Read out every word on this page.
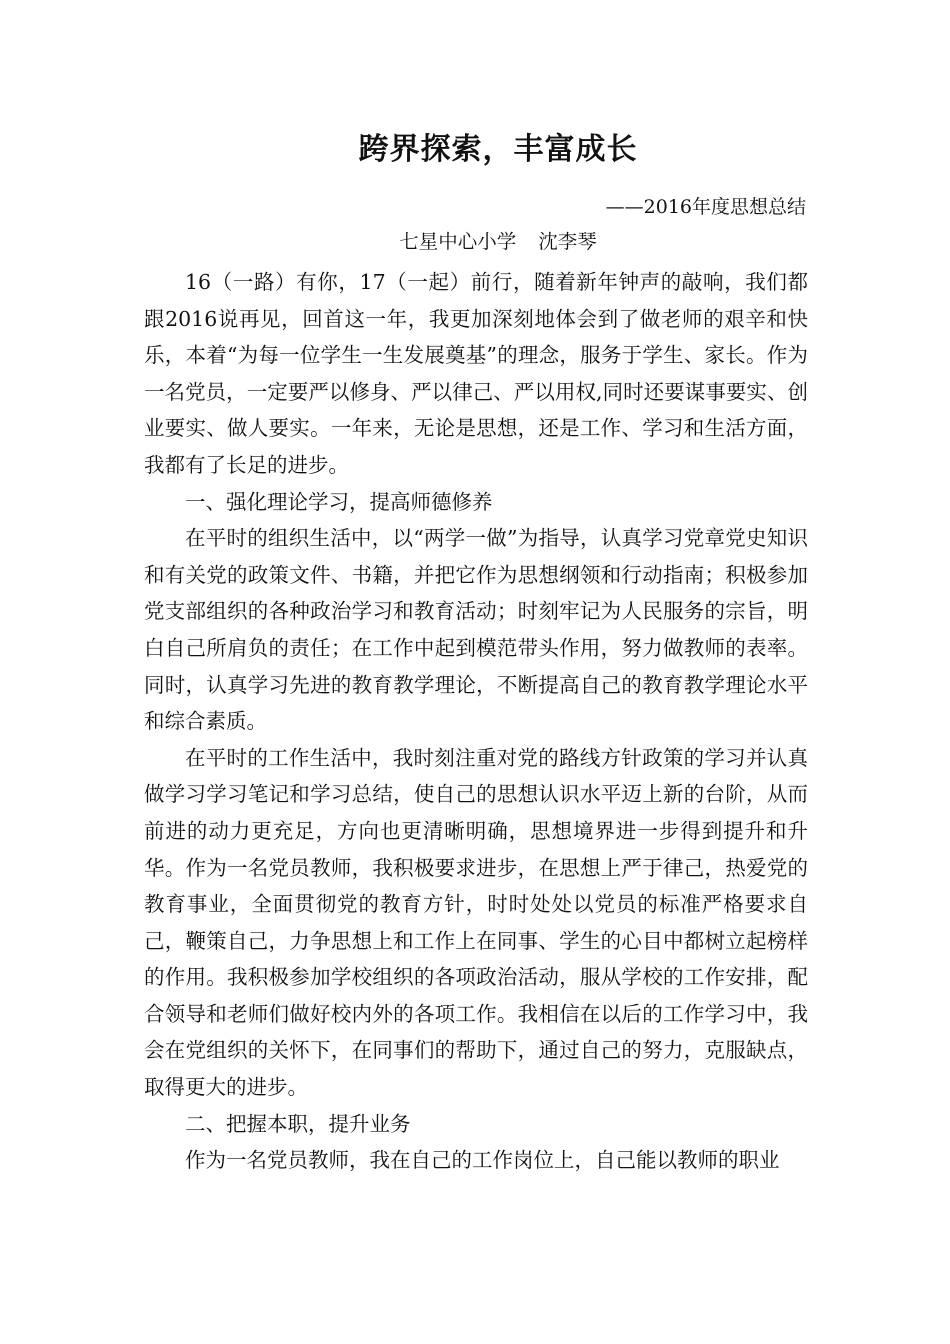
跨界探索，丰富成长

——2016年度思想总结

七星中心小学 沈李琴

16（一路）有你，17（一起）前行，随着新年钟声的敲响，我们都跟2016说再见，回首这一年，我更加深刻地体会到了做老师的艰辛和快乐，本着“为每一位学生一生发展奠基”的理念，服务于学生、家长。作为一名党员，一定要严以修身、严以律己、严以用权,同时还要谋事要实、创业要实、做人要实。一年来，无论是思想，还是工作、学习和生活方面，我都有了长足的进步。

一、强化理论学习，提高师德修养

在平时的组织生活中，以“两学一做”为指导，认真学习党章党史知识和有关党的政策文件、书籍，并把它作为思想纲领和行动指南；积极参加党支部组织的各种政治学习和教育活动；时刻牢记为人民服务的宗旨，明白自己所肩负的责任；在工作中起到模范带头作用，努力做教师的表率。同时，认真学习先进的教育教学理论，不断提高自己的教育教学理论水平和综合素质。

在平时的工作生活中，我时刻注重对党的路线方针政策的学习并认真做学习学习笔记和学习总结，使自己的思想认识水平迈上新的台阶，从而前进的动力更充足，方向也更清晰明确，思想境界进一步得到提升和升华。作为一名党员教师，我积极要求进步，在思想上严于律己，热爱党的教育事业，全面贯彻党的教育方针，时时处处以党员的标准严格要求自己，鞭策自己，力争思想上和工作上在同事、学生的心目中都树立起榜样的作用。我积极参加学校组织的各项政治活动，服从学校的工作安排，配合领导和老师们做好校内外的各项工作。我相信在以后的工作学习中，我会在党组织的关怀下，在同事们的帮助下，通过自己的努力，克服缺点，取得更大的进步。

二、把握本职，提升业务

作为一名党员教师，我在自己的工作岗位上，自己能以教师的职业
